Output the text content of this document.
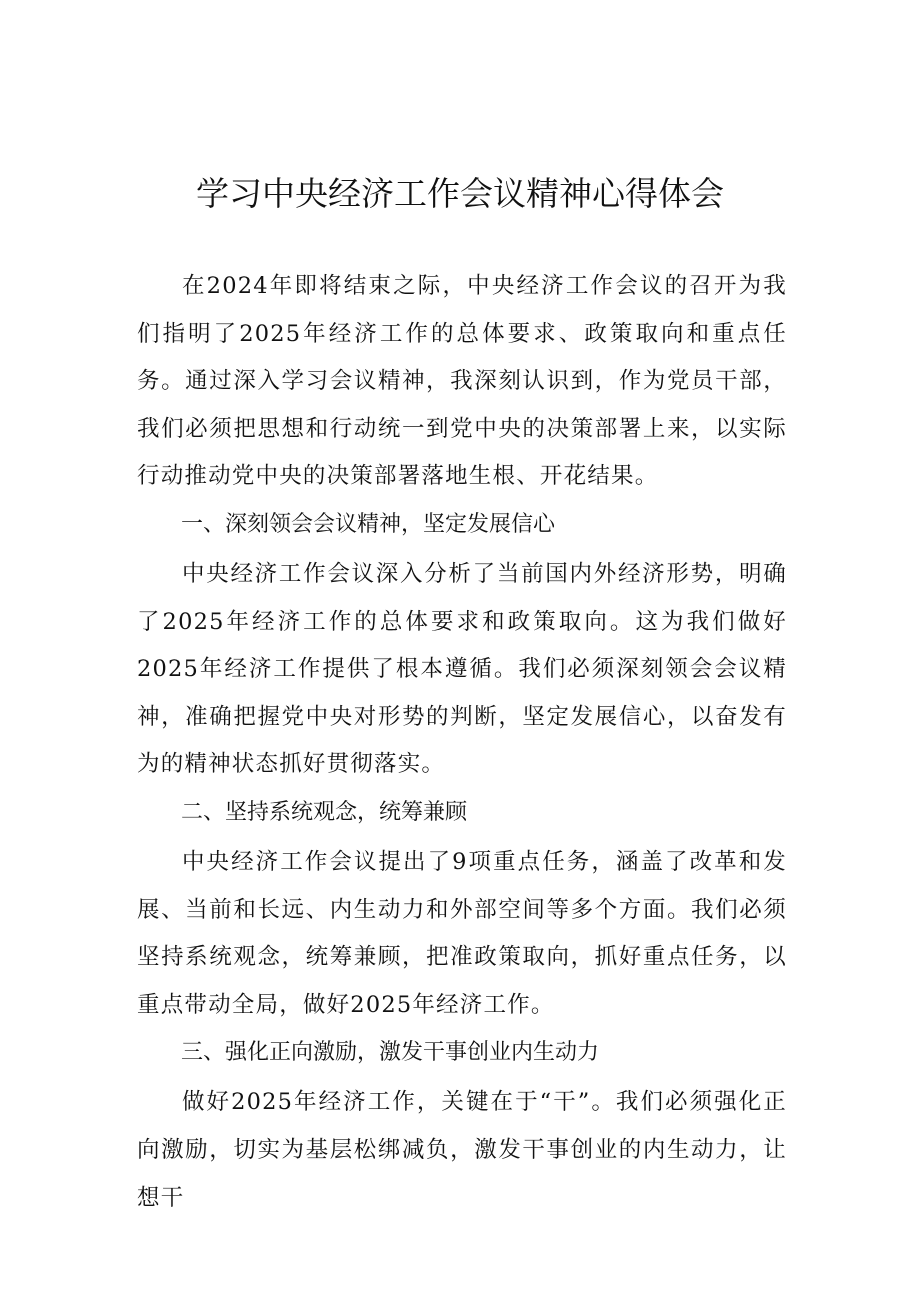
学习中央经济工作会议精神心得体会

在2024年即将结束之际，中央经济工作会议的召开为我们指明了2025年经济工作的总体要求、政策取向和重点任务。通过深入学习会议精神，我深刻认识到，作为党员干部，我们必须把思想和行动统一到党中央的决策部署上来，以实际行动推动党中央的决策部署落地生根、开花结果。

一、深刻领会会议精神，坚定发展信心

中央经济工作会议深入分析了当前国内外经济形势，明确了2025年经济工作的总体要求和政策取向。这为我们做好2025年经济工作提供了根本遵循。我们必须深刻领会会议精神，准确把握党中央对形势的判断，坚定发展信心，以奋发有为的精神状态抓好贯彻落实。

二、坚持系统观念，统筹兼顾

中央经济工作会议提出了9项重点任务，涵盖了改革和发展、当前和长远、内生动力和外部空间等多个方面。我们必须坚持系统观念，统筹兼顾，把准政策取向，抓好重点任务，以重点带动全局，做好2025年经济工作。

三、强化正向激励，激发干事创业内生动力

做好2025年经济工作，关键在于“干”。我们必须强化正向激励，切实为基层松绑减负，激发干事创业的内生动力，让想干
